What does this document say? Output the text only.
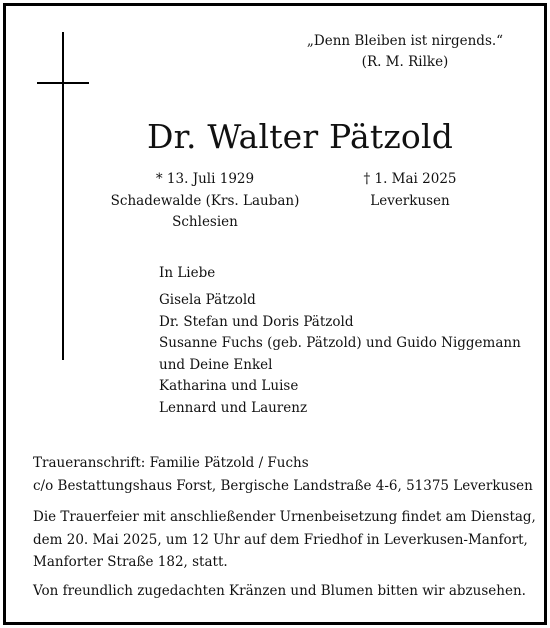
„Denn Bleiben ist nirgends.“
(R. M. Rilke)
Dr. Walter Pätzold
* 13. Juli 1929
Schadewalde (Krs. Lauban)
Schlesien
† 1. Mai 2025
Leverkusen
In Liebe
Gisela Pätzold
Dr. Stefan und Doris Pätzold
Susanne Fuchs (geb. Pätzold) und Guido Niggemann
und Deine Enkel
Katharina und Luise
Lennard und Laurenz
Traueranschrift: Familie Pätzold / Fuchs
c/o Bestattungshaus Forst, Bergische Landstraße 4-6, 51375 Leverkusen
Die Trauerfeier mit anschließender Urnenbeisetzung findet am Dienstag,
dem 20. Mai 2025, um 12 Uhr auf dem Friedhof in Leverkusen-Manfort,
Manforter Straße 182, statt.
Von freundlich zugedachten Kränzen und Blumen bitten wir abzusehen.
